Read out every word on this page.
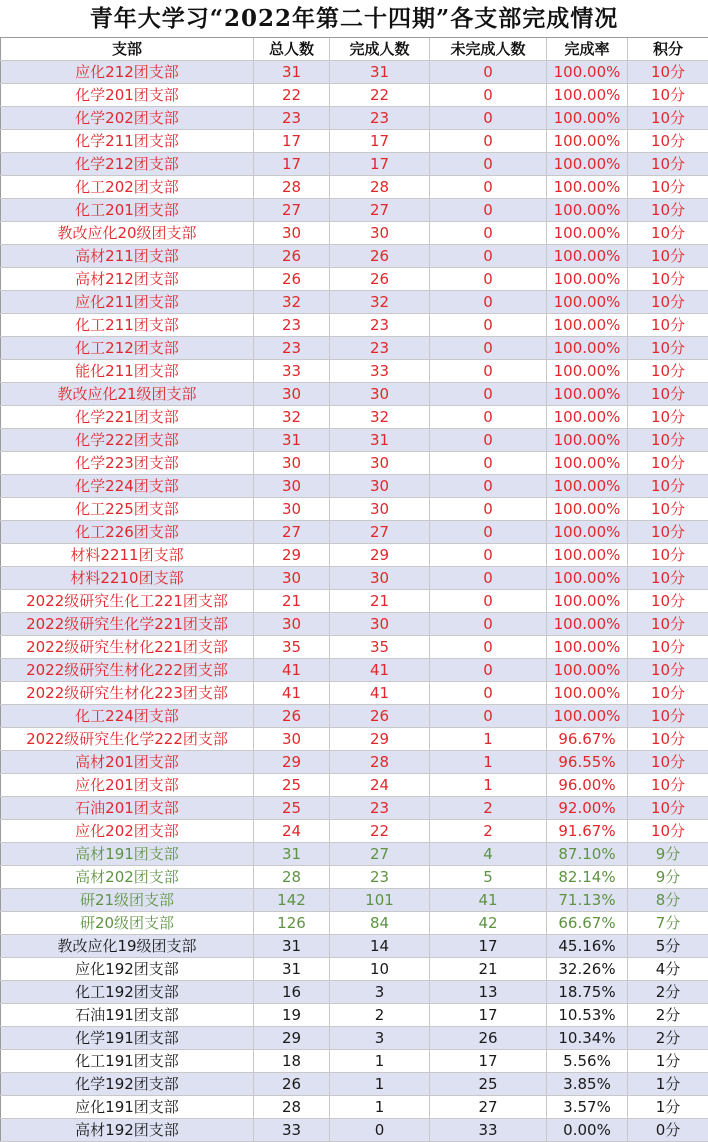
青年大学习“2022年第二十四期”各支部完成情况
支部	总人数	完成人数	未完成人数	完成率	积分
应化212团支部	31	31	0	100.00%	10分
化学201团支部	22	22	0	100.00%	10分
化学202团支部	23	23	0	100.00%	10分
化学211团支部	17	17	0	100.00%	10分
化学212团支部	17	17	0	100.00%	10分
化工202团支部	28	28	0	100.00%	10分
化工201团支部	27	27	0	100.00%	10分
教改应化20级团支部	30	30	0	100.00%	10分
高材211团支部	26	26	0	100.00%	10分
高材212团支部	26	26	0	100.00%	10分
应化211团支部	32	32	0	100.00%	10分
化工211团支部	23	23	0	100.00%	10分
化工212团支部	23	23	0	100.00%	10分
能化211团支部	33	33	0	100.00%	10分
教改应化21级团支部	30	30	0	100.00%	10分
化学221团支部	32	32	0	100.00%	10分
化学222团支部	31	31	0	100.00%	10分
化学223团支部	30	30	0	100.00%	10分
化学224团支部	30	30	0	100.00%	10分
化工225团支部	30	30	0	100.00%	10分
化工226团支部	27	27	0	100.00%	10分
材料2211团支部	29	29	0	100.00%	10分
材料2210团支部	30	30	0	100.00%	10分
2022级研究生化工221团支部	21	21	0	100.00%	10分
2022级研究生化学221团支部	30	30	0	100.00%	10分
2022级研究生材化221团支部	35	35	0	100.00%	10分
2022级研究生材化222团支部	41	41	0	100.00%	10分
2022级研究生材化223团支部	41	41	0	100.00%	10分
化工224团支部	26	26	0	100.00%	10分
2022级研究生化学222团支部	30	29	1	96.67%	10分
高材201团支部	29	28	1	96.55%	10分
应化201团支部	25	24	1	96.00%	10分
石油201团支部	25	23	2	92.00%	10分
应化202团支部	24	22	2	91.67%	10分
高材191团支部	31	27	4	87.10%	9分
高材202团支部	28	23	5	82.14%	9分
研21级团支部	142	101	41	71.13%	8分
研20级团支部	126	84	42	66.67%	7分
教改应化19级团支部	31	14	17	45.16%	5分
应化192团支部	31	10	21	32.26%	4分
化工192团支部	16	3	13	18.75%	2分
石油191团支部	19	2	17	10.53%	2分
化学191团支部	29	3	26	10.34%	2分
化工191团支部	18	1	17	5.56%	1分
化学192团支部	26	1	25	3.85%	1分
应化191团支部	28	1	27	3.57%	1分
高材192团支部	33	0	33	0.00%	0分
